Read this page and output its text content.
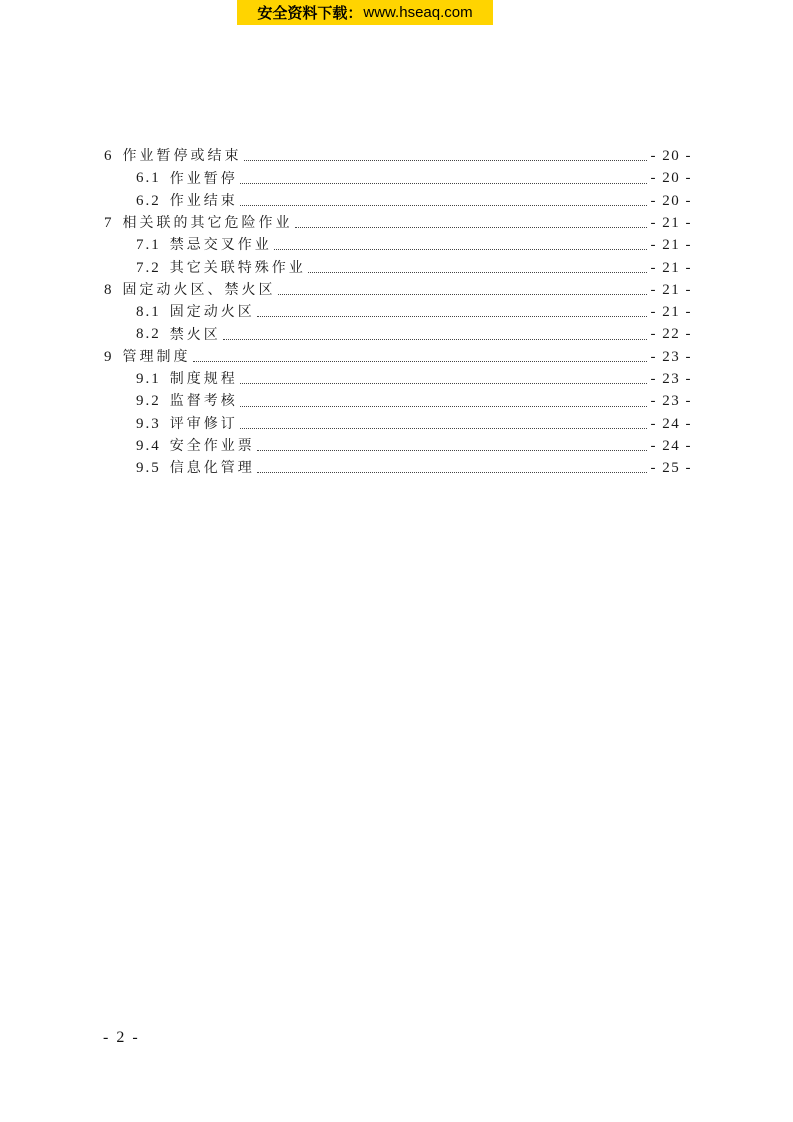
安全资料下载： www.hseaq.com
6 作业暂停或结束	- 20 -
6.1 作业暂停	- 20 -
6.2 作业结束	- 20 -
7 相关联的其它危险作业	- 21 -
7.1 禁忌交叉作业	- 21 -
7.2 其它关联特殊作业	- 21 -
8 固定动火区、禁火区	- 21 -
8.1 固定动火区	- 21 -
8.2 禁火区	- 22 -
9 管理制度	- 23 -
9.1 制度规程	- 23 -
9.2 监督考核	- 23 -
9.3 评审修订	- 24 -
9.4 安全作业票	- 24 -
9.5 信息化管理	- 25 -
- 2 -
